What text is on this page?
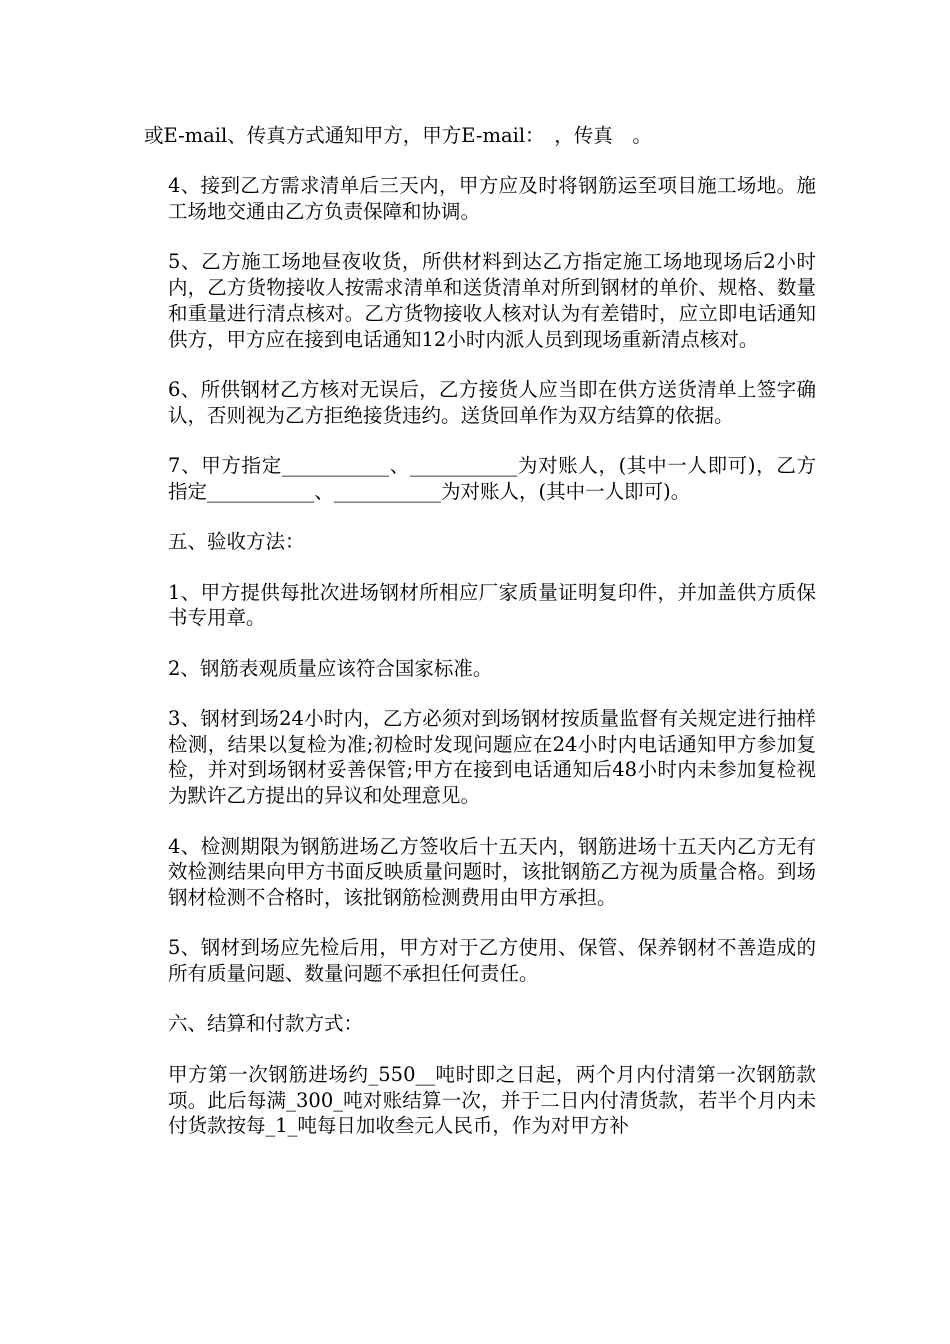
或E-mail、传真方式通知甲方，甲方E-mail：　，传真　。

4、接到乙方需求清单后三天内，甲方应及时将钢筋运至项目施工场地。施工场地交通由乙方负责保障和协调。

5、乙方施工场地昼夜收货，所供材料到达乙方指定施工场地现场后2小时内，乙方货物接收人按需求清单和送货清单对所到钢材的单价、规格、数量和重量进行清点核对。乙方货物接收人核对认为有差错时，应立即电话通知供方，甲方应在接到电话通知12小时内派人员到现场重新清点核对。

6、所供钢材乙方核对无误后，乙方接货人应当即在供方送货清单上签字确认，否则视为乙方拒绝接货违约。送货回单作为双方结算的依据。

7、甲方指定___________、___________为对账人，(其中一人即可)，乙方指定___________、___________为对账人，(其中一人即可)。

五、验收方法：

1、甲方提供每批次进场钢材所相应厂家质量证明复印件，并加盖供方质保书专用章。

2、钢筋表观质量应该符合国家标准。

3、钢材到场24小时内，乙方必须对到场钢材按质量监督有关规定进行抽样检测，结果以复检为准;初检时发现问题应在24小时内电话通知甲方参加复检，并对到场钢材妥善保管;甲方在接到电话通知后48小时内未参加复检视为默许乙方提出的异议和处理意见。

4、检测期限为钢筋进场乙方签收后十五天内，钢筋进场十五天内乙方无有效检测结果向甲方书面反映质量问题时，该批钢筋乙方视为质量合格。到场钢材检测不合格时，该批钢筋检测费用由甲方承担。

5、钢材到场应先检后用，甲方对于乙方使用、保管、保养钢材不善造成的所有质量问题、数量问题不承担任何责任。

六、结算和付款方式：

甲方第一次钢筋进场约_550__吨时即之日起，两个月内付清第一次钢筋款项。此后每满_300_吨对账结算一次，并于二日内付清货款，若半个月内未付货款按每_1_吨每日加收叁元人民币，作为对甲方补
